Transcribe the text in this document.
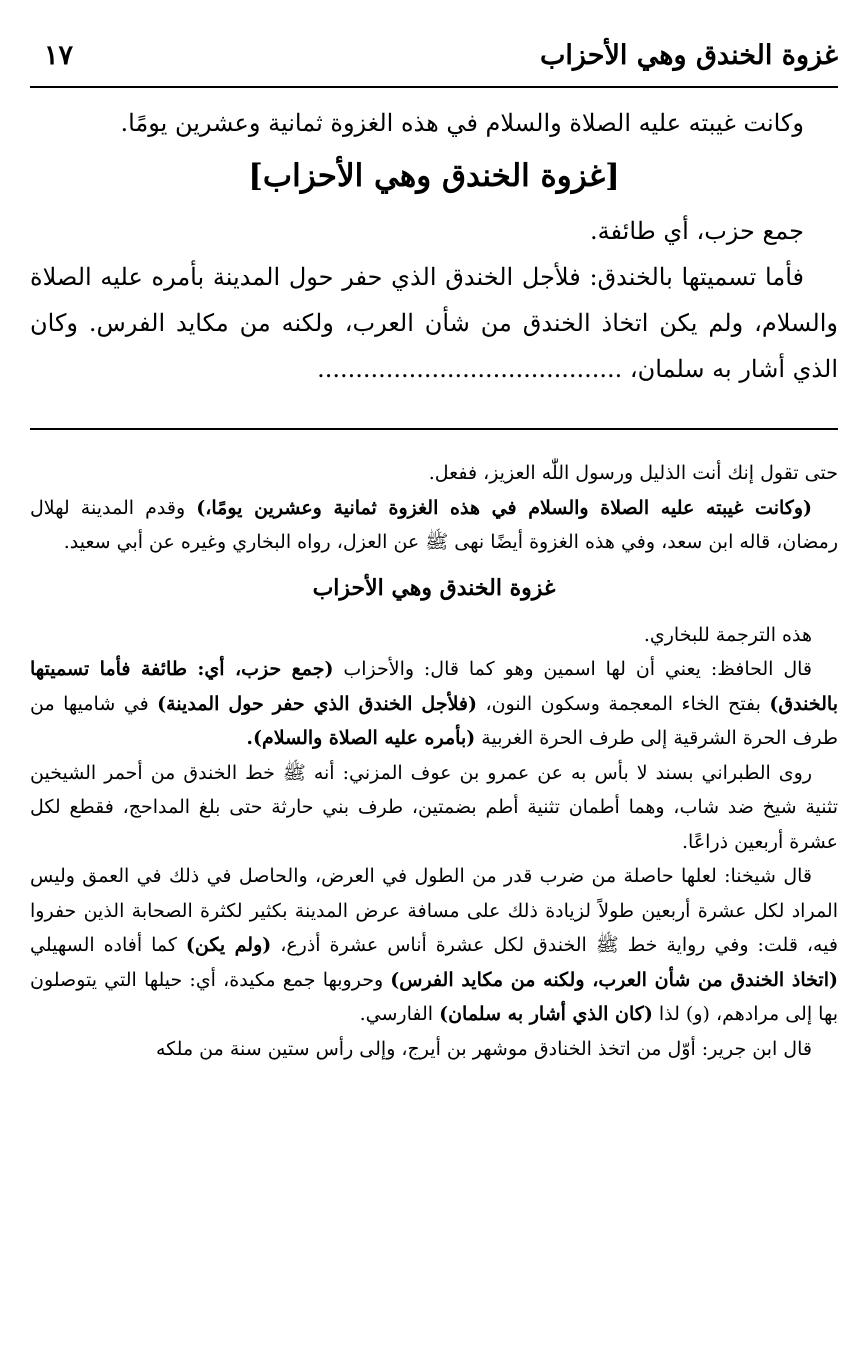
غزوة الخندق وهي الأحزاب
١٧

وكانت غيبته عليه الصلاة والسلام في هذه الغزوة ثمانية وعشرين يومًا.

[غزوة الخندق وهي الأحزاب]

جمع حزب، أي طائفة.

فأما تسميتها بالخندق: فلأجل الخندق الذي حفر حول المدينة بأمره عليه الصلاة والسلام، ولم يكن اتخاذ الخندق من شأن العرب، ولكنه من مكايد الفرس. وكان الذي أشار به سلمان، ........................................

حتى تقول إنك أنت الذليل ورسول اللّٰه العزيز، ففعل.

(وكانت غيبته عليه الصلاة والسلام في هذه الغزوة ثمانية وعشرين يومًا،) وقدم المدينة لهلال رمضان، قاله ابن سعد، وفي هذه الغزوة أيضًا نهى ﷺ عن العزل، رواه البخاري وغيره عن أبي سعيد.

غزوة الخندق وهي الأحزاب

هذه الترجمة للبخاري.

قال الحافظ: يعني أن لها اسمين وهو كما قال: والأحزاب (جمع حزب، أي: طائفة فأما تسميتها بالخندق) بفتح الخاء المعجمة وسكون النون، (فلأجل الخندق الذي حفر حول المدينة) في شاميها من طرف الحرة الشرقية إلى طرف الحرة الغربية (بأمره عليه الصلاة والسلام).

روى الطبراني بسند لا بأس به عن عمرو بن عوف المزني: أنه ﷺ خط الخندق من أحمر الشيخين تثنية شيخ ضد شاب، وهما أطمان تثنية أطم بضمتين، طرف بني حارثة حتى بلغ المداحج، فقطع لكل عشرة أربعين ذراعًا.

قال شيخنا: لعلها حاصلة من ضرب قدر من الطول في العرض، والحاصل في ذلك في العمق وليس المراد لكل عشرة أربعين طولاً لزيادة ذلك على مسافة عرض المدينة بكثير لكثرة الصحابة الذين حفروا فيه، قلت: وفي رواية خط ﷺ الخندق لكل عشرة أناس عشرة أذرع، (ولم يكن) كما أفاده السهيلي (اتخاذ الخندق من شأن العرب، ولكنه من مكايد الفرس) وحروبها جمع مكيدة، أي: حيلها التي يتوصلون بها إلى مرادهم، (و) لذا (كان الذي أشار به سلمان) الفارسي.

قال ابن جرير: أوّل من اتخذ الخنادق موشهر بن أيرج، وإلى رأس ستين سنة من ملكه
